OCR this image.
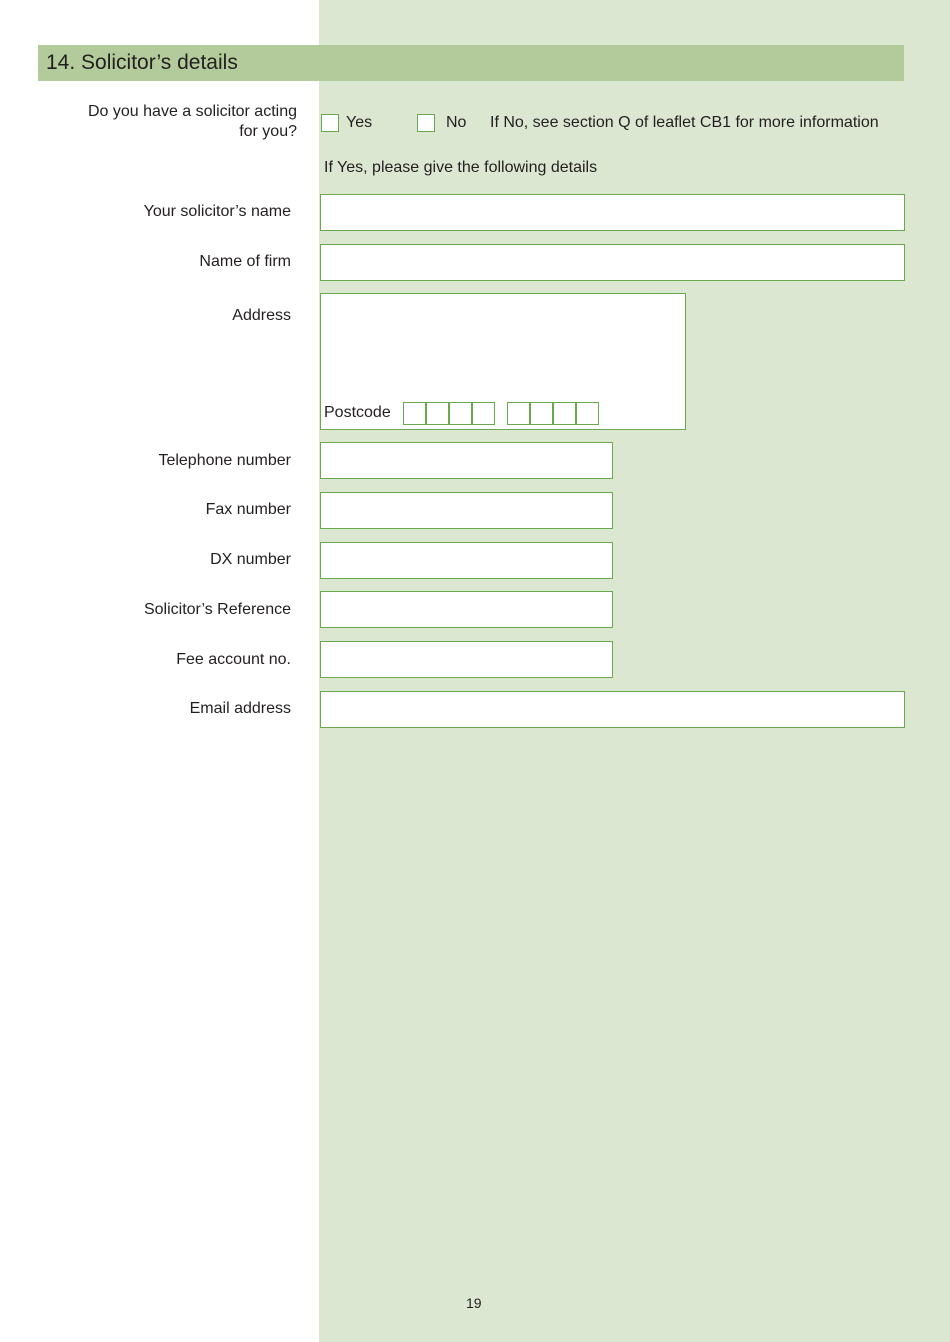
14. Solicitor’s details
Do you have a solicitor acting
for you?
Yes	No If No, see section Q of leaflet CB1 for more information
If Yes, please give the following details
Your solicitor’s name
Name of firm
Address
Postcode
Telephone number
Fax number
DX number
Solicitor’s Reference
Fee account no.
Email address
19
